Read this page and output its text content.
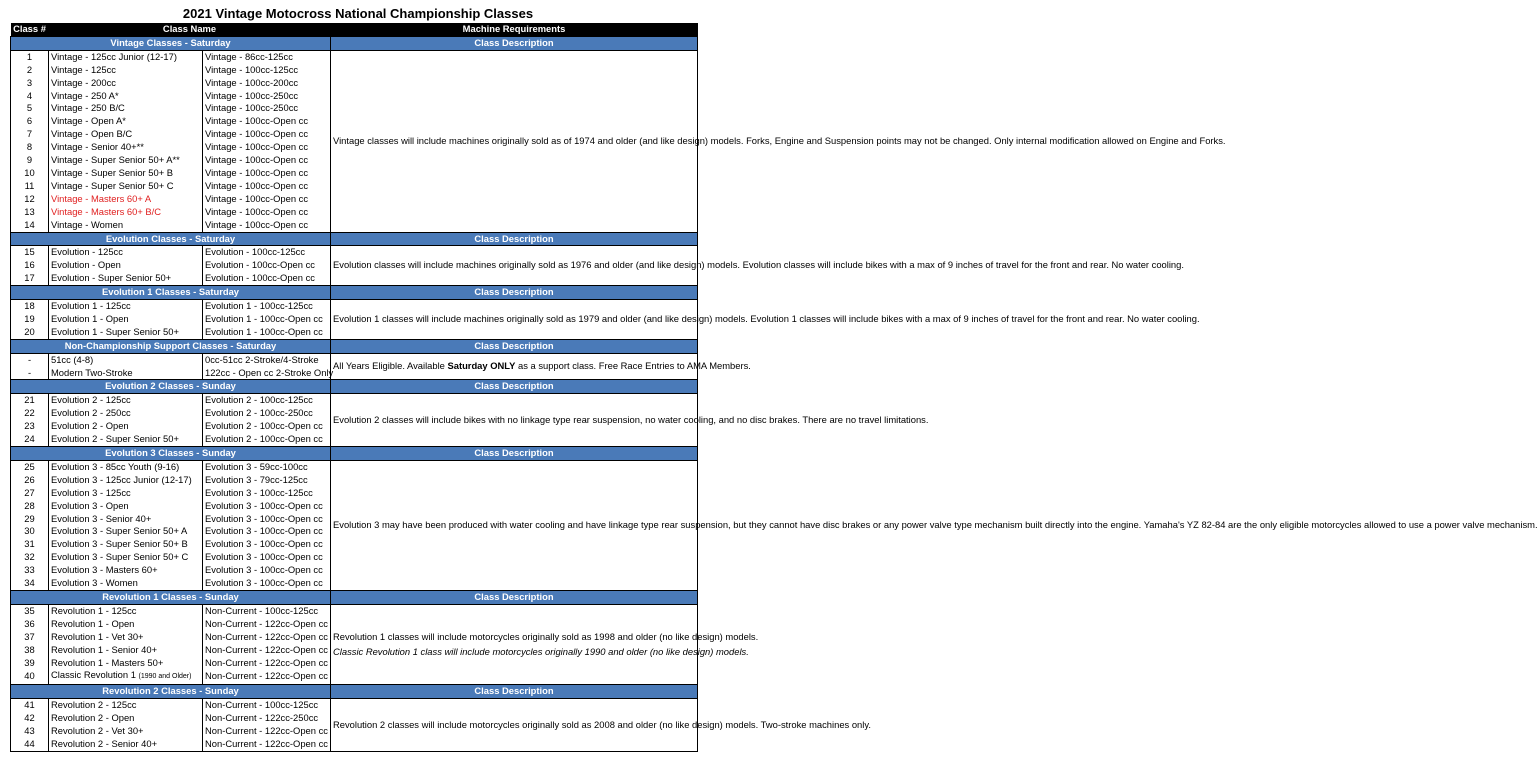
2021 Vintage Motocross National Championship Classes
Class #	Class Name		Machine Requirements
Vintage Classes - Saturday			Class Description
1	Vintage - 125cc Junior (12-17)	Vintage - 86cc-125cc	Vintage classes will include machines originally sold as of 1974 and older (and like design) models. Forks, Engine and Suspension points may not be changed. Only internal modification allowed on Engine and Forks.
2	Vintage - 125cc	Vintage - 100cc-125cc	
3	Vintage - 200cc	Vintage - 100cc-200cc	
4	Vintage - 250 A*	Vintage - 100cc-250cc	
5	Vintage - 250 B/C	Vintage - 100cc-250cc	
6	Vintage - Open A*	Vintage - 100cc-Open cc	
7	Vintage - Open B/C	Vintage - 100cc-Open cc	
8	Vintage - Senior 40+**	Vintage - 100cc-Open cc	
9	Vintage - Super Senior 50+ A**	Vintage - 100cc-Open cc	
10	Vintage - Super Senior 50+ B	Vintage - 100cc-Open cc	
11	Vintage - Super Senior 50+ C	Vintage - 100cc-Open cc	
12	Vintage - Masters 60+ A	Vintage - 100cc-Open cc	
13	Vintage - Masters 60+ B/C	Vintage - 100cc-Open cc	
14	Vintage - Women	Vintage - 100cc-Open cc	
Evolution Classes - Saturday			Class Description
15	Evolution - 125cc	Evolution - 100cc-125cc	Evolution classes will include machines originally sold as 1976 and older (and like design) models. Evolution classes will include bikes with a max of 9 inches of travel for the front and rear. No water cooling.
16	Evolution - Open	Evolution - 100cc-Open cc	
17	Evolution - Super Senior 50+	Evolution - 100cc-Open cc	
Evolution 1 Classes - Saturday			Class Description
18	Evolution 1 - 125cc	Evolution 1 - 100cc-125cc	Evolution 1 classes will include machines originally sold as 1979 and older (and like design) models. Evolution 1 classes will include bikes with a max of 9 inches of travel for the front and rear. No water cooling.
19	Evolution 1 - Open	Evolution 1 - 100cc-Open cc	
20	Evolution 1 - Super Senior 50+	Evolution 1 - 100cc-Open cc	
Non-Championship Support Classes - Saturday			Class Description
-	51cc (4-8)	0cc-51cc 2-Stroke/4-Stroke	All Years Eligible. Available Saturday ONLY as a support class. Free Race Entries to AMA Members.
-	Modern Two-Stroke	122cc - Open cc 2-Stroke Only	
Evolution 2 Classes - Sunday			Class Description
21	Evolution 2 - 125cc	Evolution 2 - 100cc-125cc	Evolution 2 classes will include bikes with no linkage type rear suspension, no water cooling, and no disc brakes. There are no travel limitations.
22	Evolution 2 - 250cc	Evolution 2 - 100cc-250cc	
23	Evolution 2 - Open	Evolution 2 - 100cc-Open cc	
24	Evolution 2 - Super Senior 50+	Evolution 2 - 100cc-Open cc	
Evolution 3 Classes - Sunday			Class Description
25	Evolution 3 - 85cc Youth (9-16)	Evolution 3 - 59cc-100cc	Evolution 3 may have been produced with water cooling and have linkage type rear suspension, but they cannot have disc brakes or any power valve type mechanism built directly into the engine. Yamaha's YZ 82-84 are the only eligible motorcycles allowed to use a power valve mechanism.
26	Evolution 3 - 125cc Junior (12-17)	Evolution 3 - 79cc-125cc	
27	Evolution 3 - 125cc	Evolution 3 - 100cc-125cc	
28	Evolution 3 - Open	Evolution 3 - 100cc-Open cc	
29	Evolution 3 - Senior 40+	Evolution 3 - 100cc-Open cc	
30	Evolution 3 - Super Senior 50+ A	Evolution 3 - 100cc-Open cc	
31	Evolution 3 - Super Senior 50+ B	Evolution 3 - 100cc-Open cc	
32	Evolution 3 - Super Senior 50+ C	Evolution 3 - 100cc-Open cc	
33	Evolution 3 - Masters 60+	Evolution 3 - 100cc-Open cc	
34	Evolution 3 - Women	Evolution 3 - 100cc-Open cc	
Revolution 1 Classes - Sunday			Class Description
35	Revolution 1 - 125cc	Non-Current - 100cc-125cc	Revolution 1 classes will include motorcycles originally sold as 1998 and older (no like design) models.
Classic Revolution 1 class will include motorcycles originally 1990 and older (no like design) models.

36	Revolution 1 - Open	Non-Current - 122cc-Open cc	
37	Revolution 1 - Vet 30+	Non-Current - 122cc-Open cc	
38	Revolution 1 - Senior 40+	Non-Current - 122cc-Open cc	
39	Revolution 1 - Masters 50+	Non-Current - 122cc-Open cc	
40	Classic Revolution 1 (1990 and Older)	Non-Current - 122cc-Open cc	
Revolution 2 Classes - Sunday			Class Description
41	Revolution 2 - 125cc	Non-Current - 100cc-125cc	Revolution 2 classes will include motorcycles originally sold as 2008 and older (no like design) models. Two-stroke machines only.
42	Revolution 2 - Open	Non-Current - 122cc-250cc	
43	Revolution 2 - Vet 30+	Non-Current - 122cc-Open cc	
44	Revolution 2 - Senior 40+	Non-Current - 122cc-Open cc	
